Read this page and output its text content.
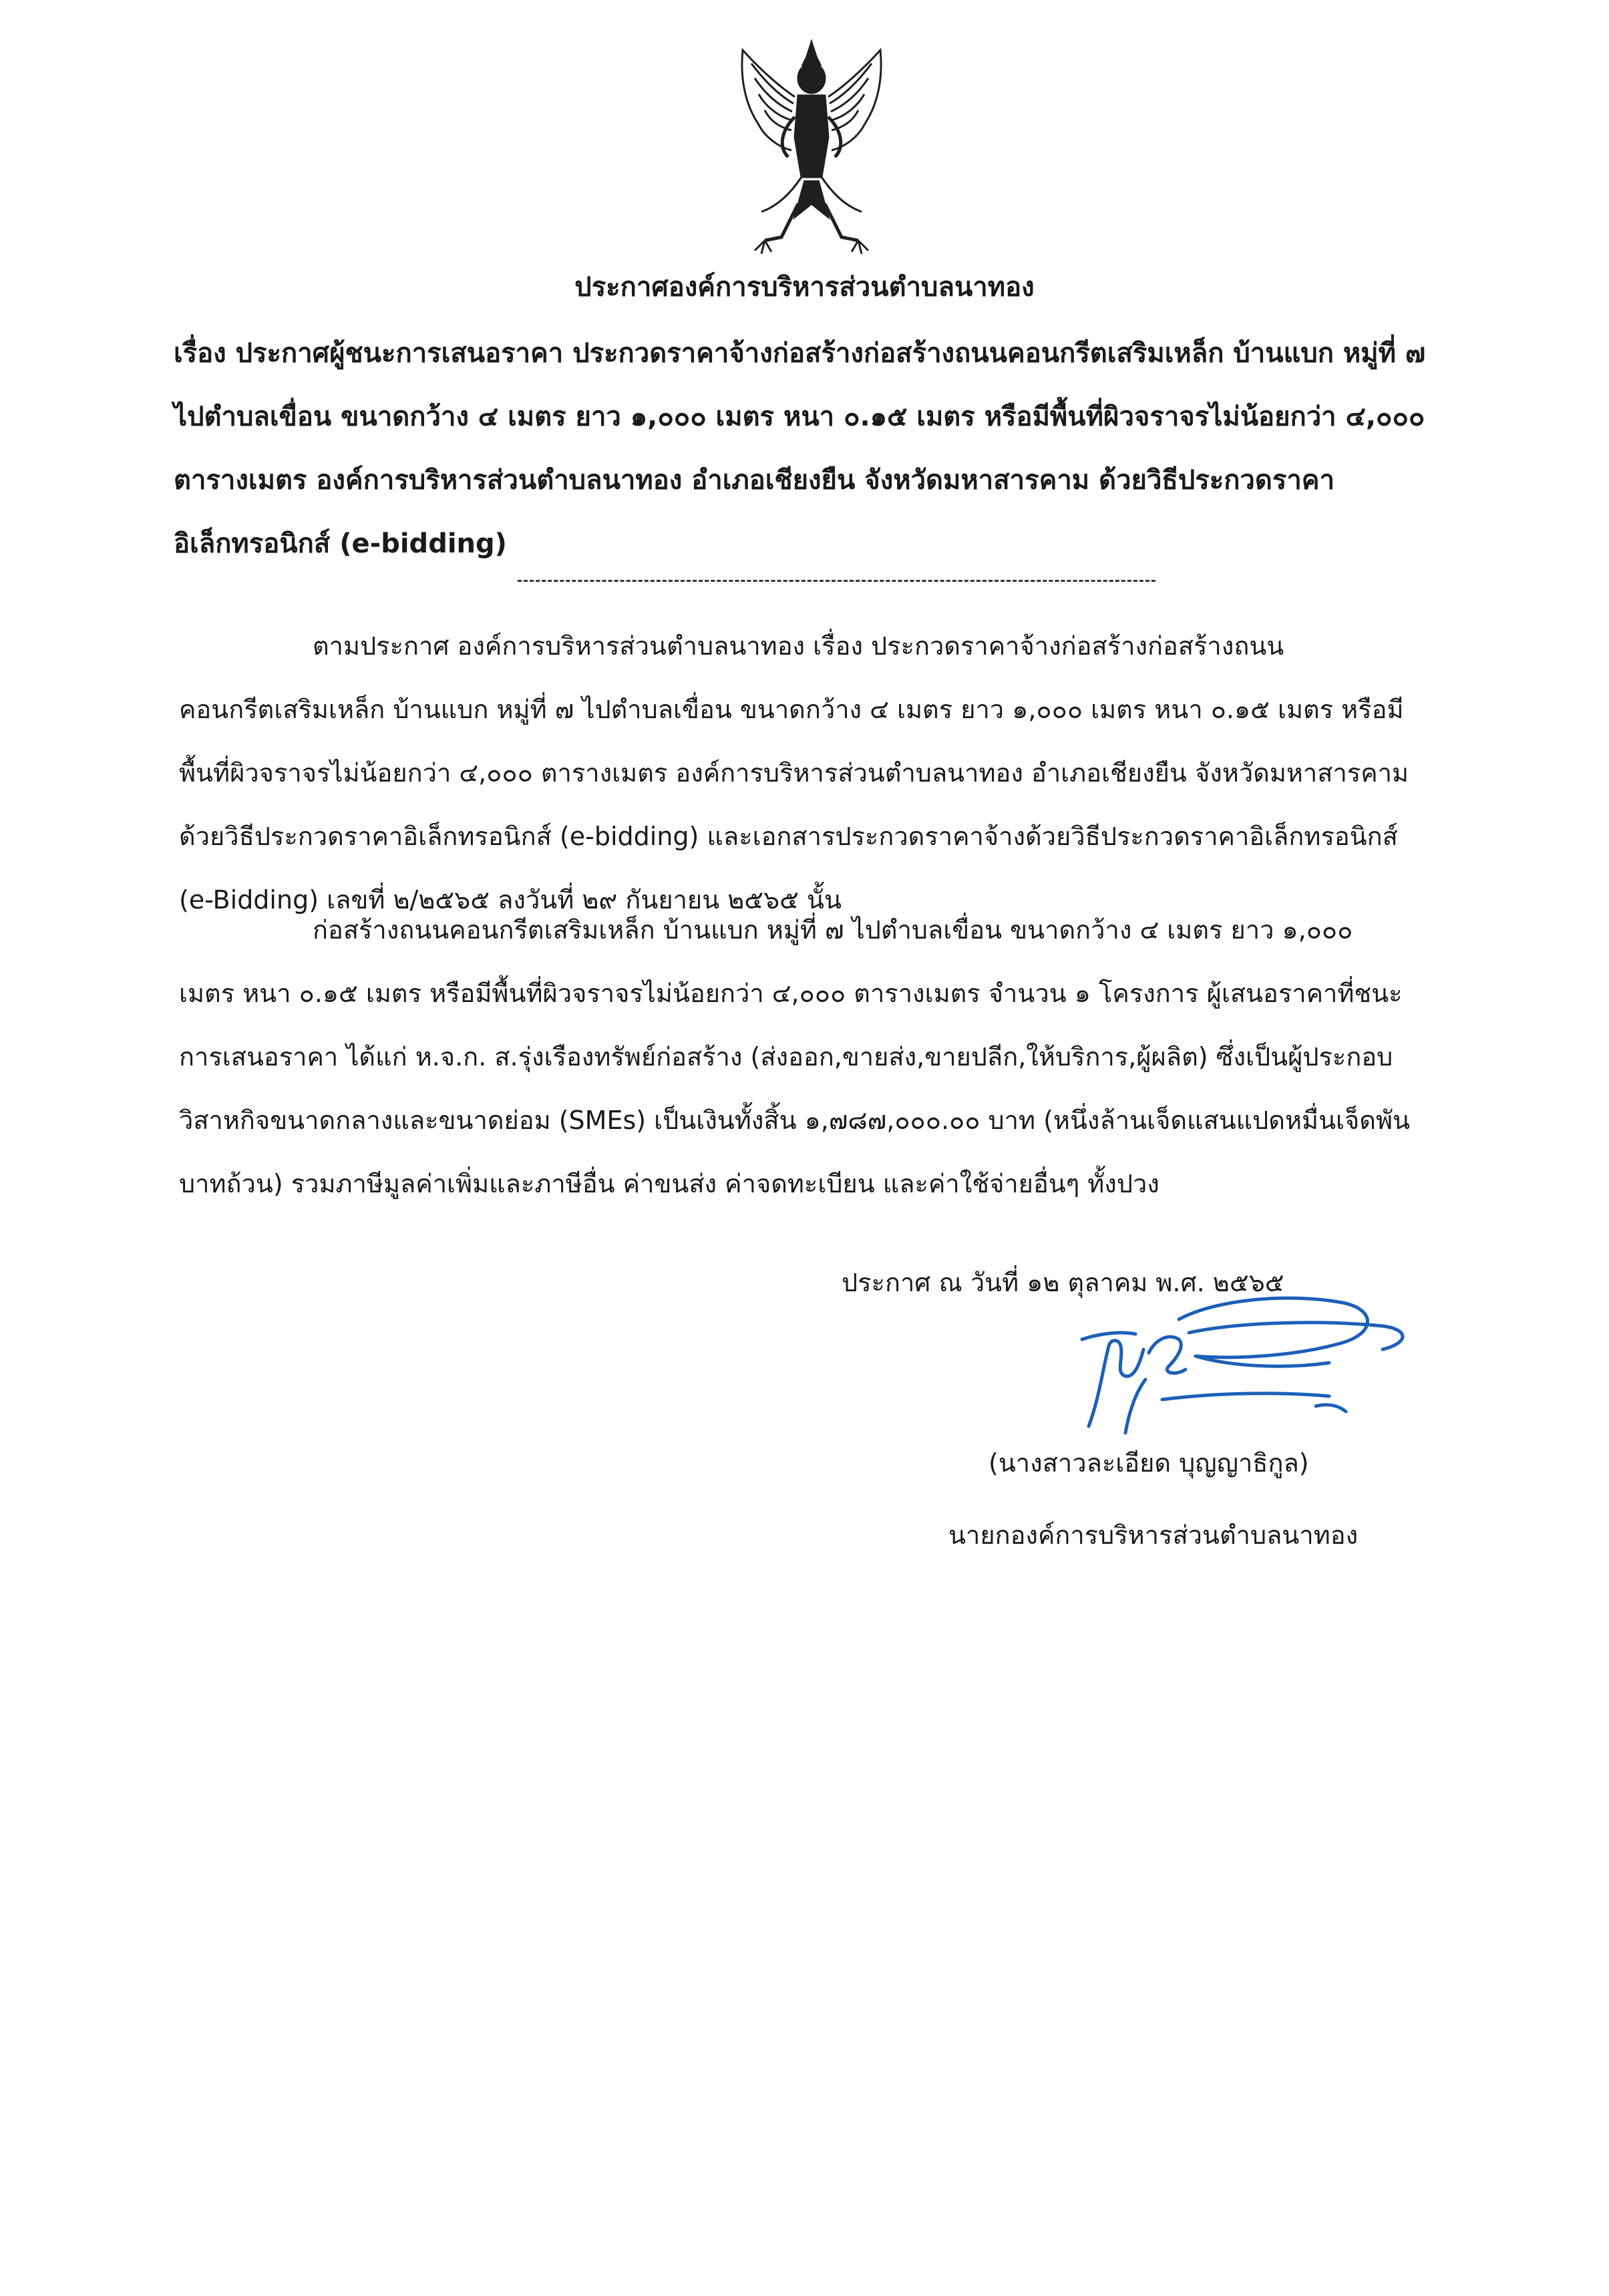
ประกาศองค์การบริหารส่วนตำบลนาทอง
เรื่อง ประกาศผู้ชนะการเสนอราคา ประกวดราคาจ้างก่อสร้างก่อสร้างถนนคอนกรีตเสริมเหล็ก บ้านแบก หมู่ที่ ๗
ไปตำบลเขื่อน ขนาดกว้าง ๔ เมตร ยาว ๑,๐๐๐ เมตร หนา ๐.๑๕ เมตร หรือมีพื้นที่ผิวจราจรไม่น้อยกว่า ๔,๐๐๐
ตารางเมตร องค์การบริหารส่วนตำบลนาทอง อำเภอเชียงยืน จังหวัดมหาสารคาม ด้วยวิธีประกวดราคา
อิเล็กทรอนิกส์ (e-bidding)
ตามประกาศ องค์การบริหารส่วนตำบลนาทอง เรื่อง ประกวดราคาจ้างก่อสร้างก่อสร้างถนน
คอนกรีตเสริมเหล็ก บ้านแบก หมู่ที่ ๗ ไปตำบลเขื่อน ขนาดกว้าง ๔ เมตร ยาว ๑,๐๐๐ เมตร หนา ๐.๑๕ เมตร หรือมี
พื้นที่ผิวจราจรไม่น้อยกว่า ๔,๐๐๐ ตารางเมตร องค์การบริหารส่วนตำบลนาทอง อำเภอเชียงยืน จังหวัดมหาสารคาม
ด้วยวิธีประกวดราคาอิเล็กทรอนิกส์ (e-bidding) และเอกสารประกวดราคาจ้างด้วยวิธีประกวดราคาอิเล็กทรอนิกส์
(e-Bidding) เลขที่ ๒/๒๕๖๕ ลงวันที่ ๒๙ กันยายน ๒๕๖๕ นั้น
ก่อสร้างถนนคอนกรีตเสริมเหล็ก บ้านแบก หมู่ที่ ๗ ไปตำบลเขื่อน ขนาดกว้าง ๔ เมตร ยาว ๑,๐๐๐
เมตร หนา ๐.๑๕ เมตร หรือมีพื้นที่ผิวจราจรไม่น้อยกว่า ๔,๐๐๐ ตารางเมตร จำนวน ๑ โครงการ ผู้เสนอราคาที่ชนะ
การเสนอราคา ได้แก่ ห.จ.ก. ส.รุ่งเรืองทรัพย์ก่อสร้าง (ส่งออก,ขายส่ง,ขายปลีก,ให้บริการ,ผู้ผลิต) ซึ่งเป็นผู้ประกอบ
วิสาหกิจขนาดกลางและขนาดย่อม (SMEs) เป็นเงินทั้งสิ้น ๑,๗๘๗,๐๐๐.๐๐ บาท (หนึ่งล้านเจ็ดแสนแปดหมื่นเจ็ดพัน
บาทถ้วน) รวมภาษีมูลค่าเพิ่มและภาษีอื่น ค่าขนส่ง ค่าจดทะเบียน และค่าใช้จ่ายอื่นๆ ทั้งปวง
ประกาศ ณ วันที่ ๑๒ ตุลาคม พ.ศ. ๒๕๖๕
(นางสาวละเอียด บุญญาธิกูล)
นายกองค์การบริหารส่วนตำบลนาทอง
